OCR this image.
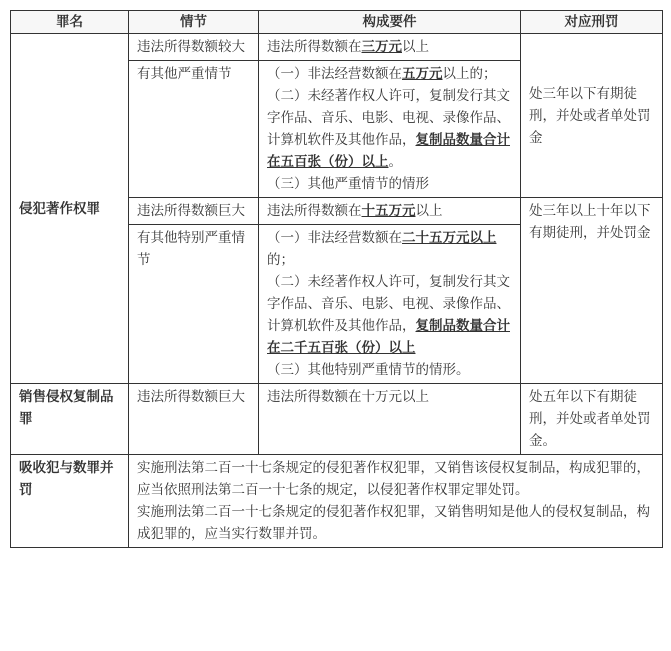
罪名	情节	构成要件	对应刑罚
侵犯著作权罪	违法所得数额较大	违法所得数额在三万元以上	处三年以下有期徒刑，并处或者单处罚金
	有其他严重情节	（一）非法经营数额在五万元以上的；
（二）未经著作权人许可，复制发行其文字作品、音乐、电影、电视、录像作品、计算机软件及其他作品，复制品数量合计在五百张（份）以上。
（三）其他严重情节的情形	

	违法所得数额巨大	违法所得数额在十五万元以上	处三年以上十年以下有期徒刑，并处罚金
	有其他特别严重情节	（一）非法经营数额在二十五万元以上的；
（二）未经著作权人许可，复制发行其文字作品、音乐、电影、电视、录像作品、计算机软件及其他作品，复制品数量合计在二千五百张（份）以上
（三）其他特别严重情节的情形。	

销售侵权复制品罪	违法所得数额巨大	违法所得数额在十万元以上	处五年以下有期徒刑，并处或者单处罚金。
吸收犯与数罪并罚	实施刑法第二百一十七条规定的侵犯著作权犯罪，又销售该侵权复制品，构成犯罪的，应当依照刑法第二百一十七条的规定，以侵犯著作权罪定罪处罚。
实施刑法第二百一十七条规定的侵犯著作权犯罪，又销售明知是他人的侵权复制品，构成犯罪的，应当实行数罪并罚。		
